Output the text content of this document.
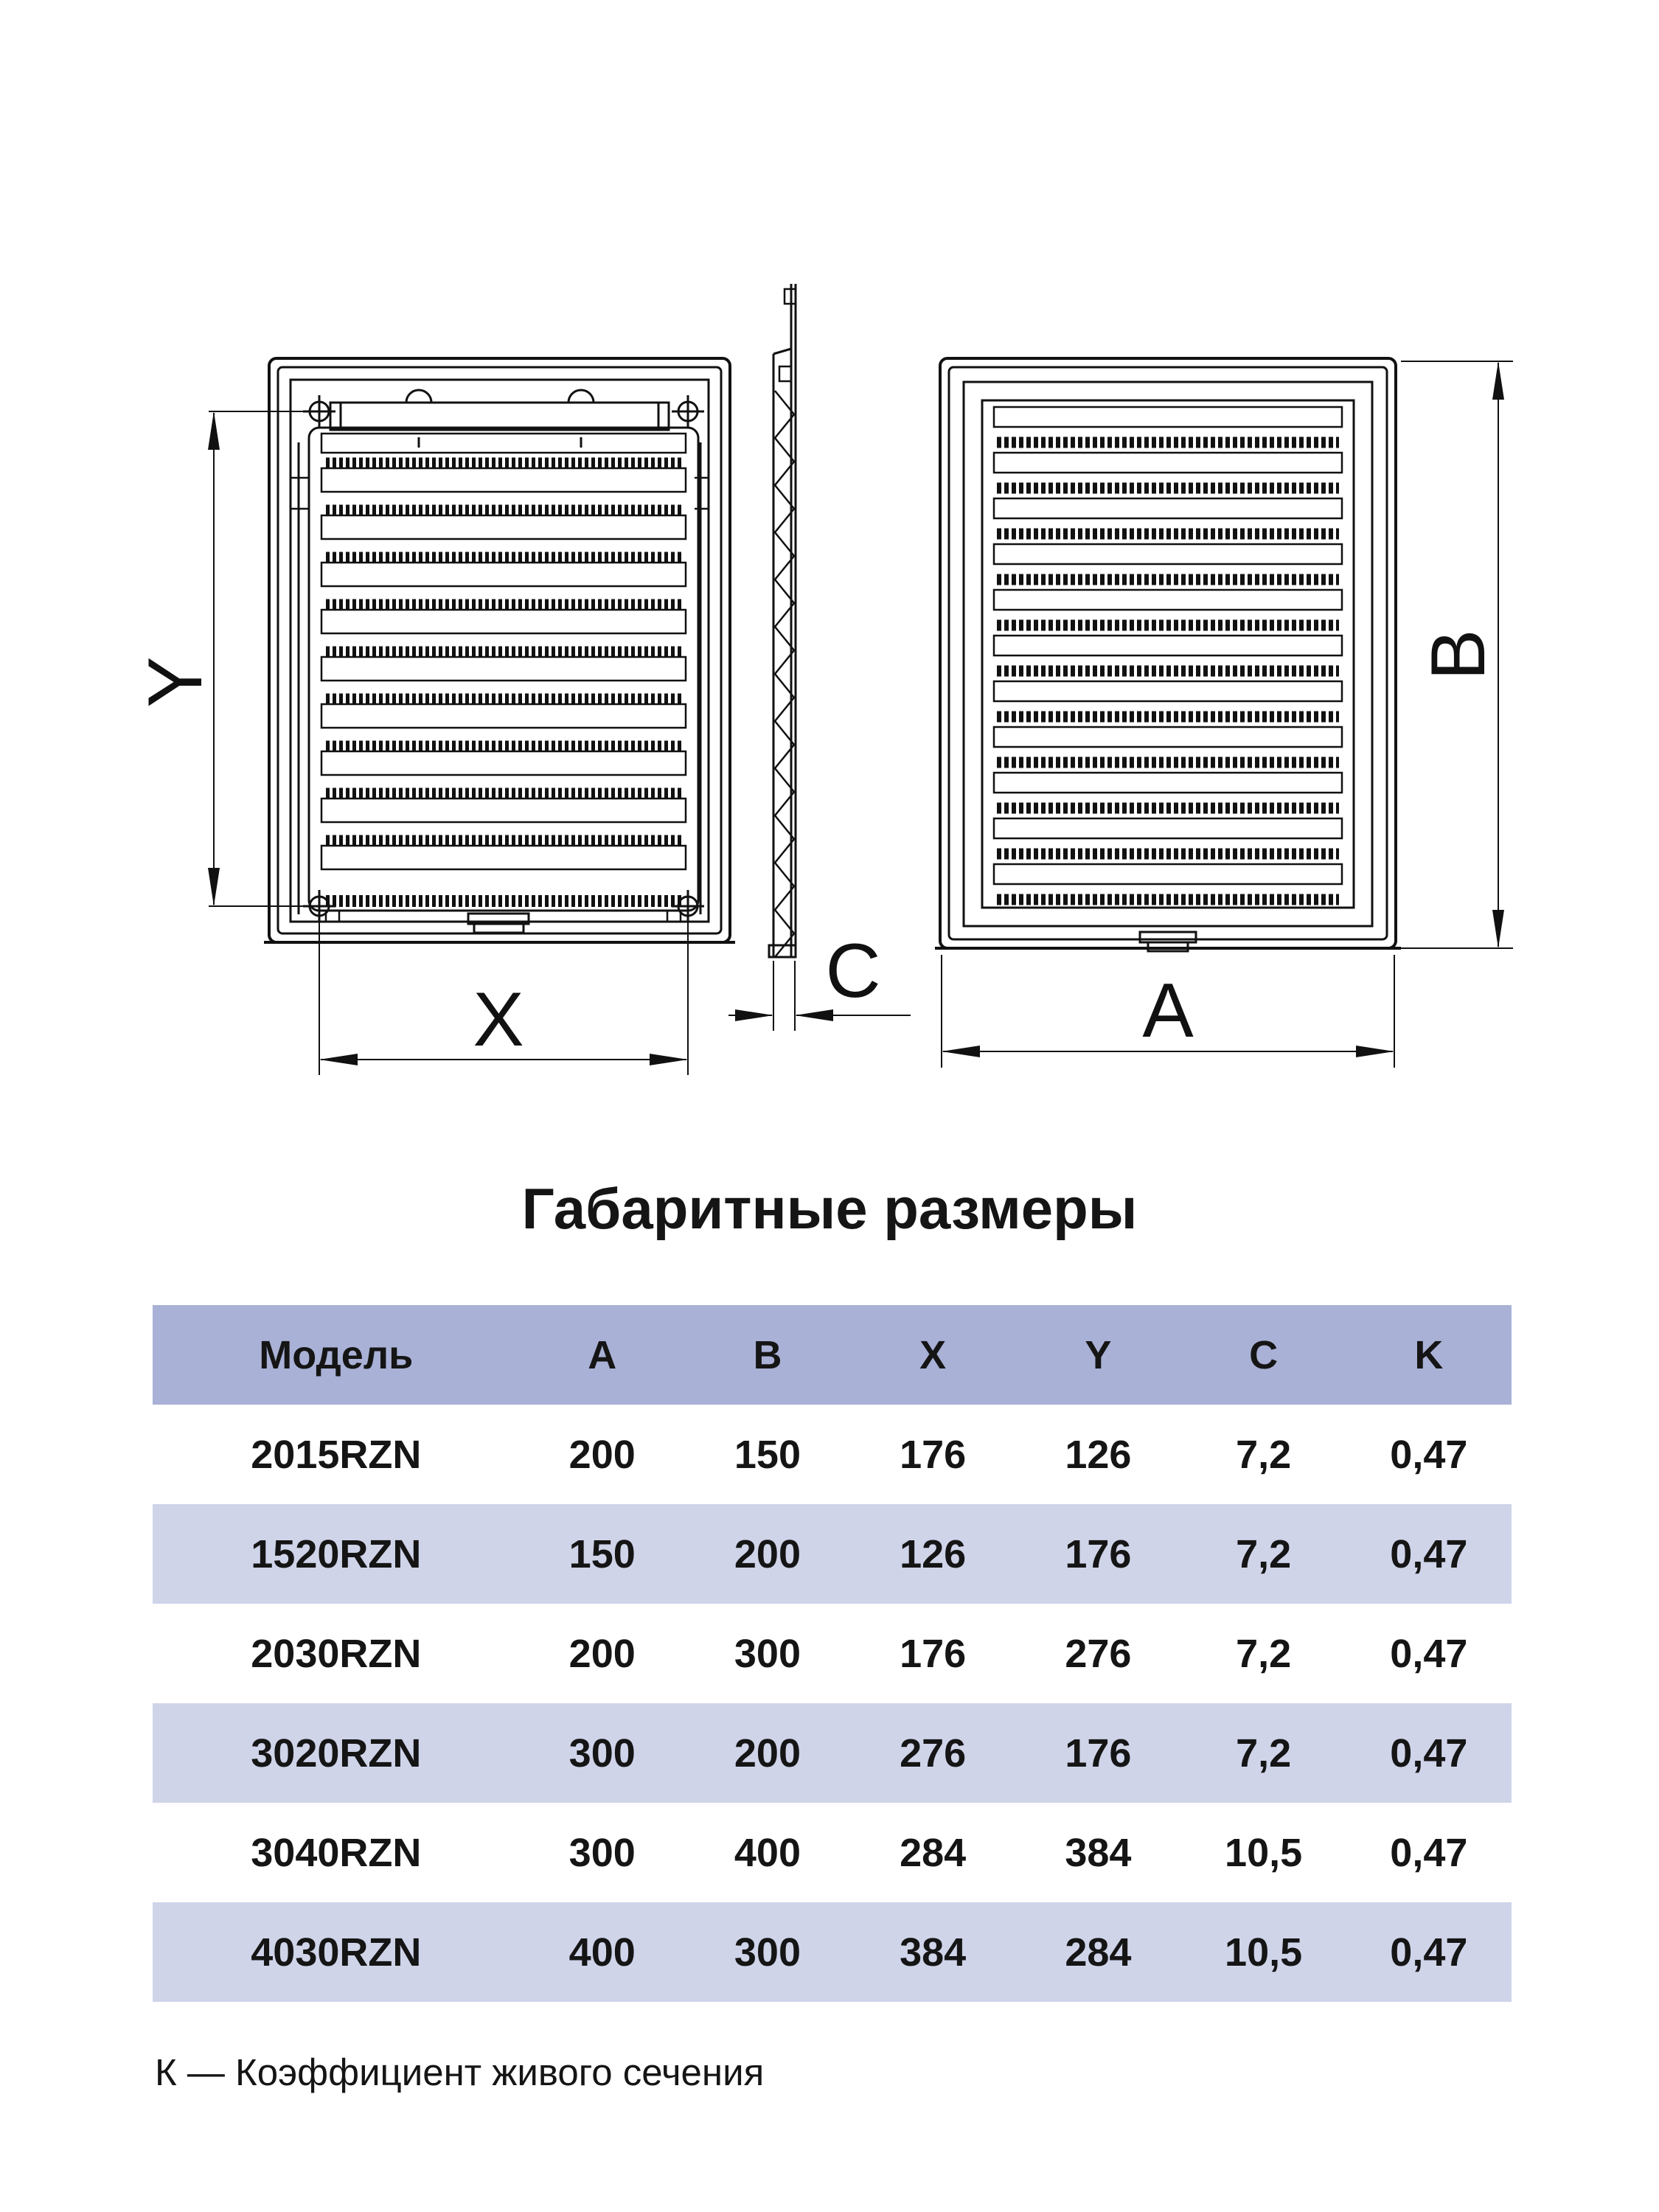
Y
X
C	A
B
Габаритные размеры
Модель	A	B	X	Y	C	K
2015RZN	200	150	176	126	7,2	0,47
1520RZN	150	200	126	176	7,2	0,47
2030RZN	200	300	176	276	7,2	0,47
3020RZN	300	200	276	176	7,2	0,47
3040RZN	300	400	284	384	10,5	0,47
4030RZN	400	300	384	284	10,5	0,47
К — Коэффициент живого сечения
